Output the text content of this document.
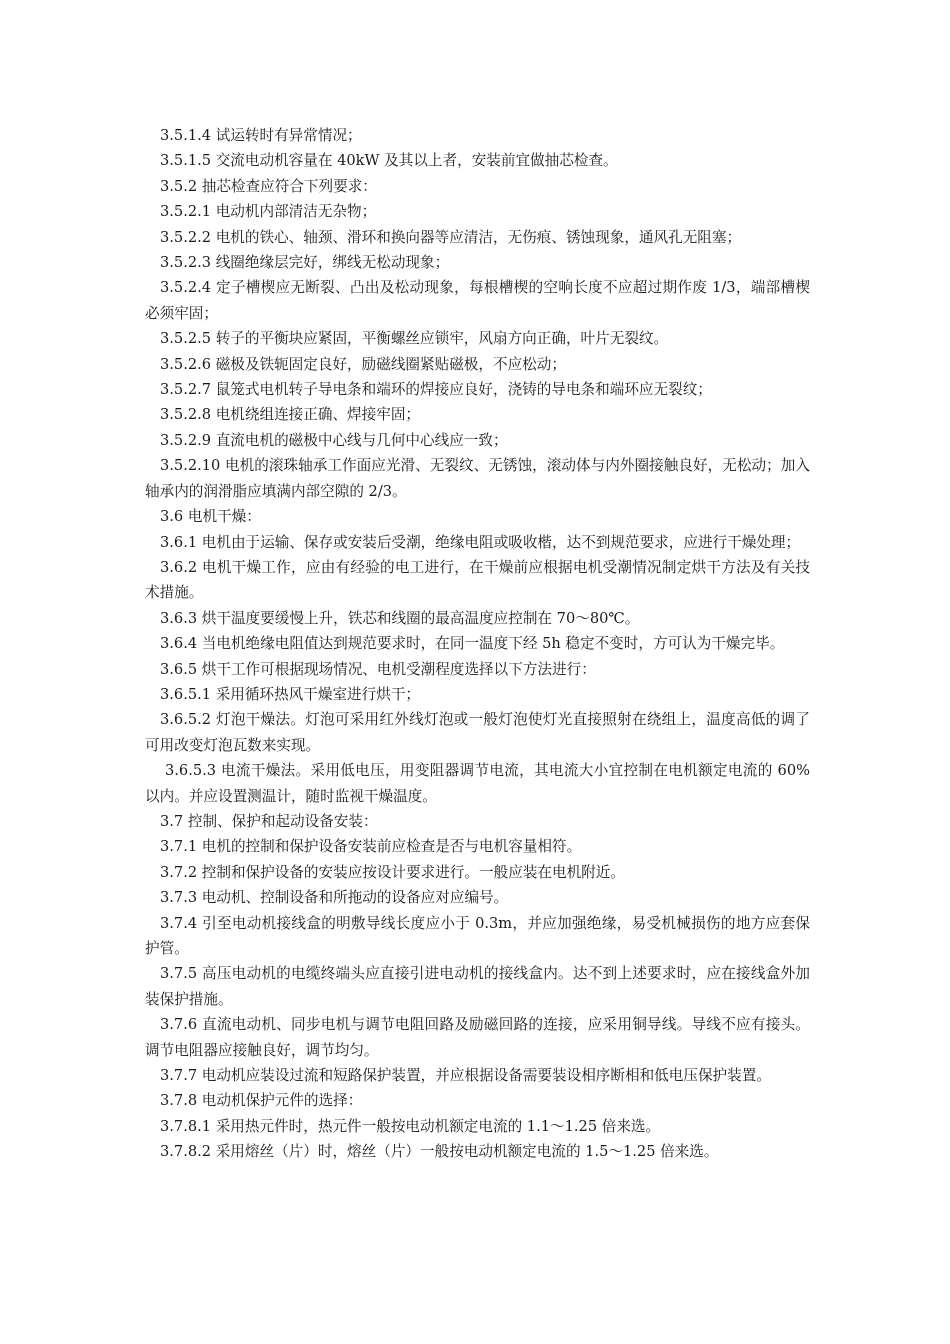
3.5.1.4 试运转时有异常情况；

3.5.1.5 交流电动机容量在 40kW 及其以上者，安装前宜做抽芯检查。

3.5.2 抽芯检查应符合下列要求：

3.5.2.1 电动机内部清洁无杂物；

3.5.2.2 电机的铁心、轴颈、滑环和换向器等应清洁，无伤痕、锈蚀现象，通风孔无阻塞；

3.5.2.3 线圈绝缘层完好，绑线无松动现象；

3.5.2.4 定子槽楔应无断裂、凸出及松动现象，每根槽楔的空响长度不应超过期作废 1/3，端部槽楔必须牢固；

3.5.2.5 转子的平衡块应紧固，平衡螺丝应锁牢，风扇方向正确，叶片无裂纹。

3.5.2.6 磁极及铁轭固定良好，励磁线圈紧贴磁极，不应松动；

3.5.2.7 鼠笼式电机转子导电条和端环的焊接应良好，浇铸的导电条和端环应无裂纹；

3.5.2.8 电机绕组连接正确、焊接牢固；

3.5.2.9 直流电机的磁极中心线与几何中心线应一致；

3.5.2.10 电机的滚珠轴承工作面应光滑、无裂纹、无锈蚀，滚动体与内外圈接触良好，无松动；加入轴承内的润滑脂应填满内部空隙的 2/3。

3.6 电机干燥：

3.6.1 电机由于运输、保存或安装后受潮，绝缘电阻或吸收楷，达不到规范要求，应进行干燥处理；

3.6.2 电机干燥工作，应由有经验的电工进行，在干燥前应根据电机受潮情况制定烘干方法及有关技术措施。

3.6.3 烘干温度要缓慢上升，铁芯和线圈的最高温度应控制在 70～80℃。

3.6.4 当电机绝缘电阻值达到规范要求时，在同一温度下经 5h 稳定不变时，方可认为干燥完毕。

3.6.5 烘干工作可根据现场情况、电机受潮程度选择以下方法进行：

3.6.5.1 采用循环热风干燥室进行烘干；

3.6.5.2 灯泡干燥法。灯泡可采用红外线灯泡或一般灯泡使灯光直接照射在绕组上，温度高低的调了可用改变灯泡瓦数来实现。

3.6.5.3 电流干燥法。采用低电压，用变阻器调节电流，其电流大小宜控制在电机额定电流的 60%以内。并应设置测温计，随时监视干燥温度。

3.7 控制、保护和起动设备安装：

3.7.1 电机的控制和保护设备安装前应检查是否与电机容量相符。

3.7.2 控制和保护设备的安装应按设计要求进行。一般应装在电机附近。

3.7.3 电动机、控制设备和所拖动的设备应对应编号。

3.7.4 引至电动机接线盒的明敷导线长度应小于 0.3m，并应加强绝缘，易受机械损伤的地方应套保护管。

3.7.5 高压电动机的电缆终端头应直接引进电动机的接线盒内。达不到上述要求时，应在接线盒外加装保护措施。

3.7.6 直流电动机、同步电机与调节电阻回路及励磁回路的连接，应采用铜导线。导线不应有接头。调节电阻器应接触良好，调节均匀。

3.7.7 电动机应装设过流和短路保护装置，并应根据设备需要装设相序断相和低电压保护装置。

3.7.8 电动机保护元件的选择：

3.7.8.1 采用热元件时，热元件一般按电动机额定电流的 1.1～1.25 倍来选。

3.7.8.2 采用熔丝（片）时，熔丝（片）一般按电动机额定电流的 1.5～1.25 倍来选。
